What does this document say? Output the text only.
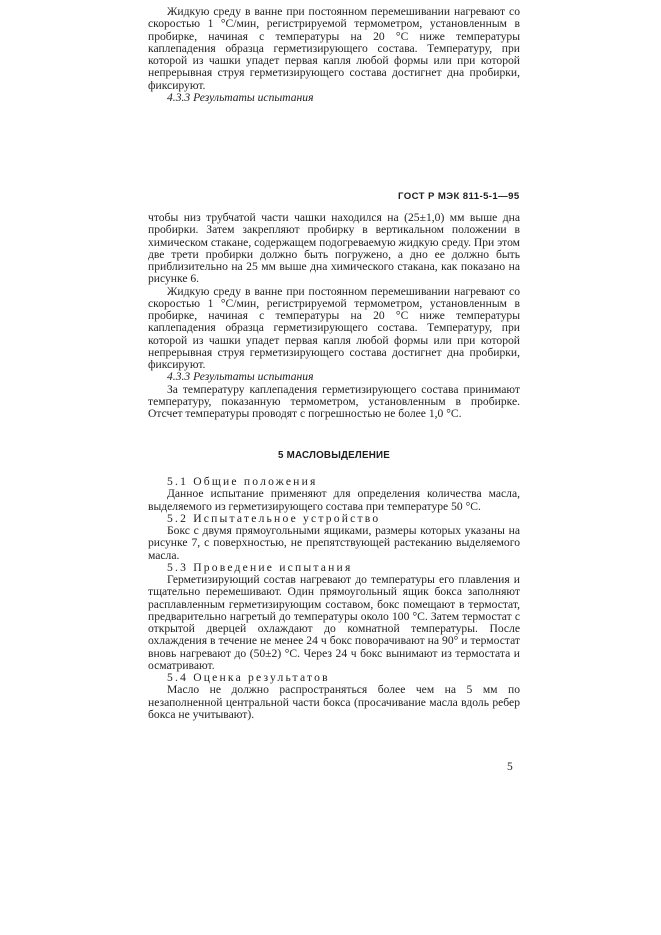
Жидкую среду в ванне при постоянном перемешивании нагревают со скоростью 1 °С/мин, регистрируемой термометром, установленным в пробирке, начиная с температуры на 20 °С ниже температуры каплепадения образца герметизирующего состава. Температуру, при которой из чашки упадет первая капля любой формы или при которой непрерывная струя герметизирующего состава достигнет дна пробирки, фиксируют.

4.3.3 Результаты испытания

ГОСТ Р МЭК 811-5-1—95

чтобы низ трубчатой части чашки находился на (25±1,0) мм выше дна пробирки. Затем закрепляют пробирку в вертикальном положении в химическом стакане, содержащем подогреваемую жидкую среду. При этом две трети пробирки должно быть погружено, а дно ее должно быть приблизительно на 25 мм выше дна химического стакана, как показано на рисунке 6.

Жидкую среду в ванне при постоянном перемешивании нагревают со скоростью 1 °С/мин, регистрируемой термометром, установленным в пробирке, начиная с температуры на 20 °С ниже температуры каплепадения образца герметизирующего состава. Температуру, при которой из чашки упадет первая капля любой формы или при которой непрерывная струя герметизирующего состава достигнет дна пробирки, фиксируют.

4.3.3 Результаты испытания

За температуру каплепадения герметизирующего состава принимают температуру, показанную термометром, установленным в пробирке. Отсчет температуры проводят с погрешностью не более 1,0 °С.

5 МАСЛОВЫДЕЛЕНИЕ

5.1 Общие положения

Данное испытание применяют для определения количества масла, выделяемого из герметизирующего состава при температуре 50 °С.

5.2 Испытательное устройство

Бокс с двумя прямоугольными ящиками, размеры которых указаны на рисунке 7, с поверхностью, не препятствующей растеканию выделяемого масла.

5.3 Проведение испытания

Герметизирующий состав нагревают до температуры его плавления и тщательно перемешивают. Один прямоугольный ящик бокса заполняют расплавленным герметизирующим составом, бокс помещают в термостат, предварительно нагретый до температуры около 100 °С. Затем термостат с открытой дверцей охлаждают до комнатной температуры. После охлаждения в течение не менее 24 ч бокс поворачивают на 90° и термостат вновь нагревают до (50±2) °С. Через 24 ч бокс вынимают из термостата и осматривают.

5.4 Оценка результатов

Масло не должно распространяться более чем на 5 мм по незаполненной центральной части бокса (просачивание масла вдоль ребер бокса не учитывают).

5
